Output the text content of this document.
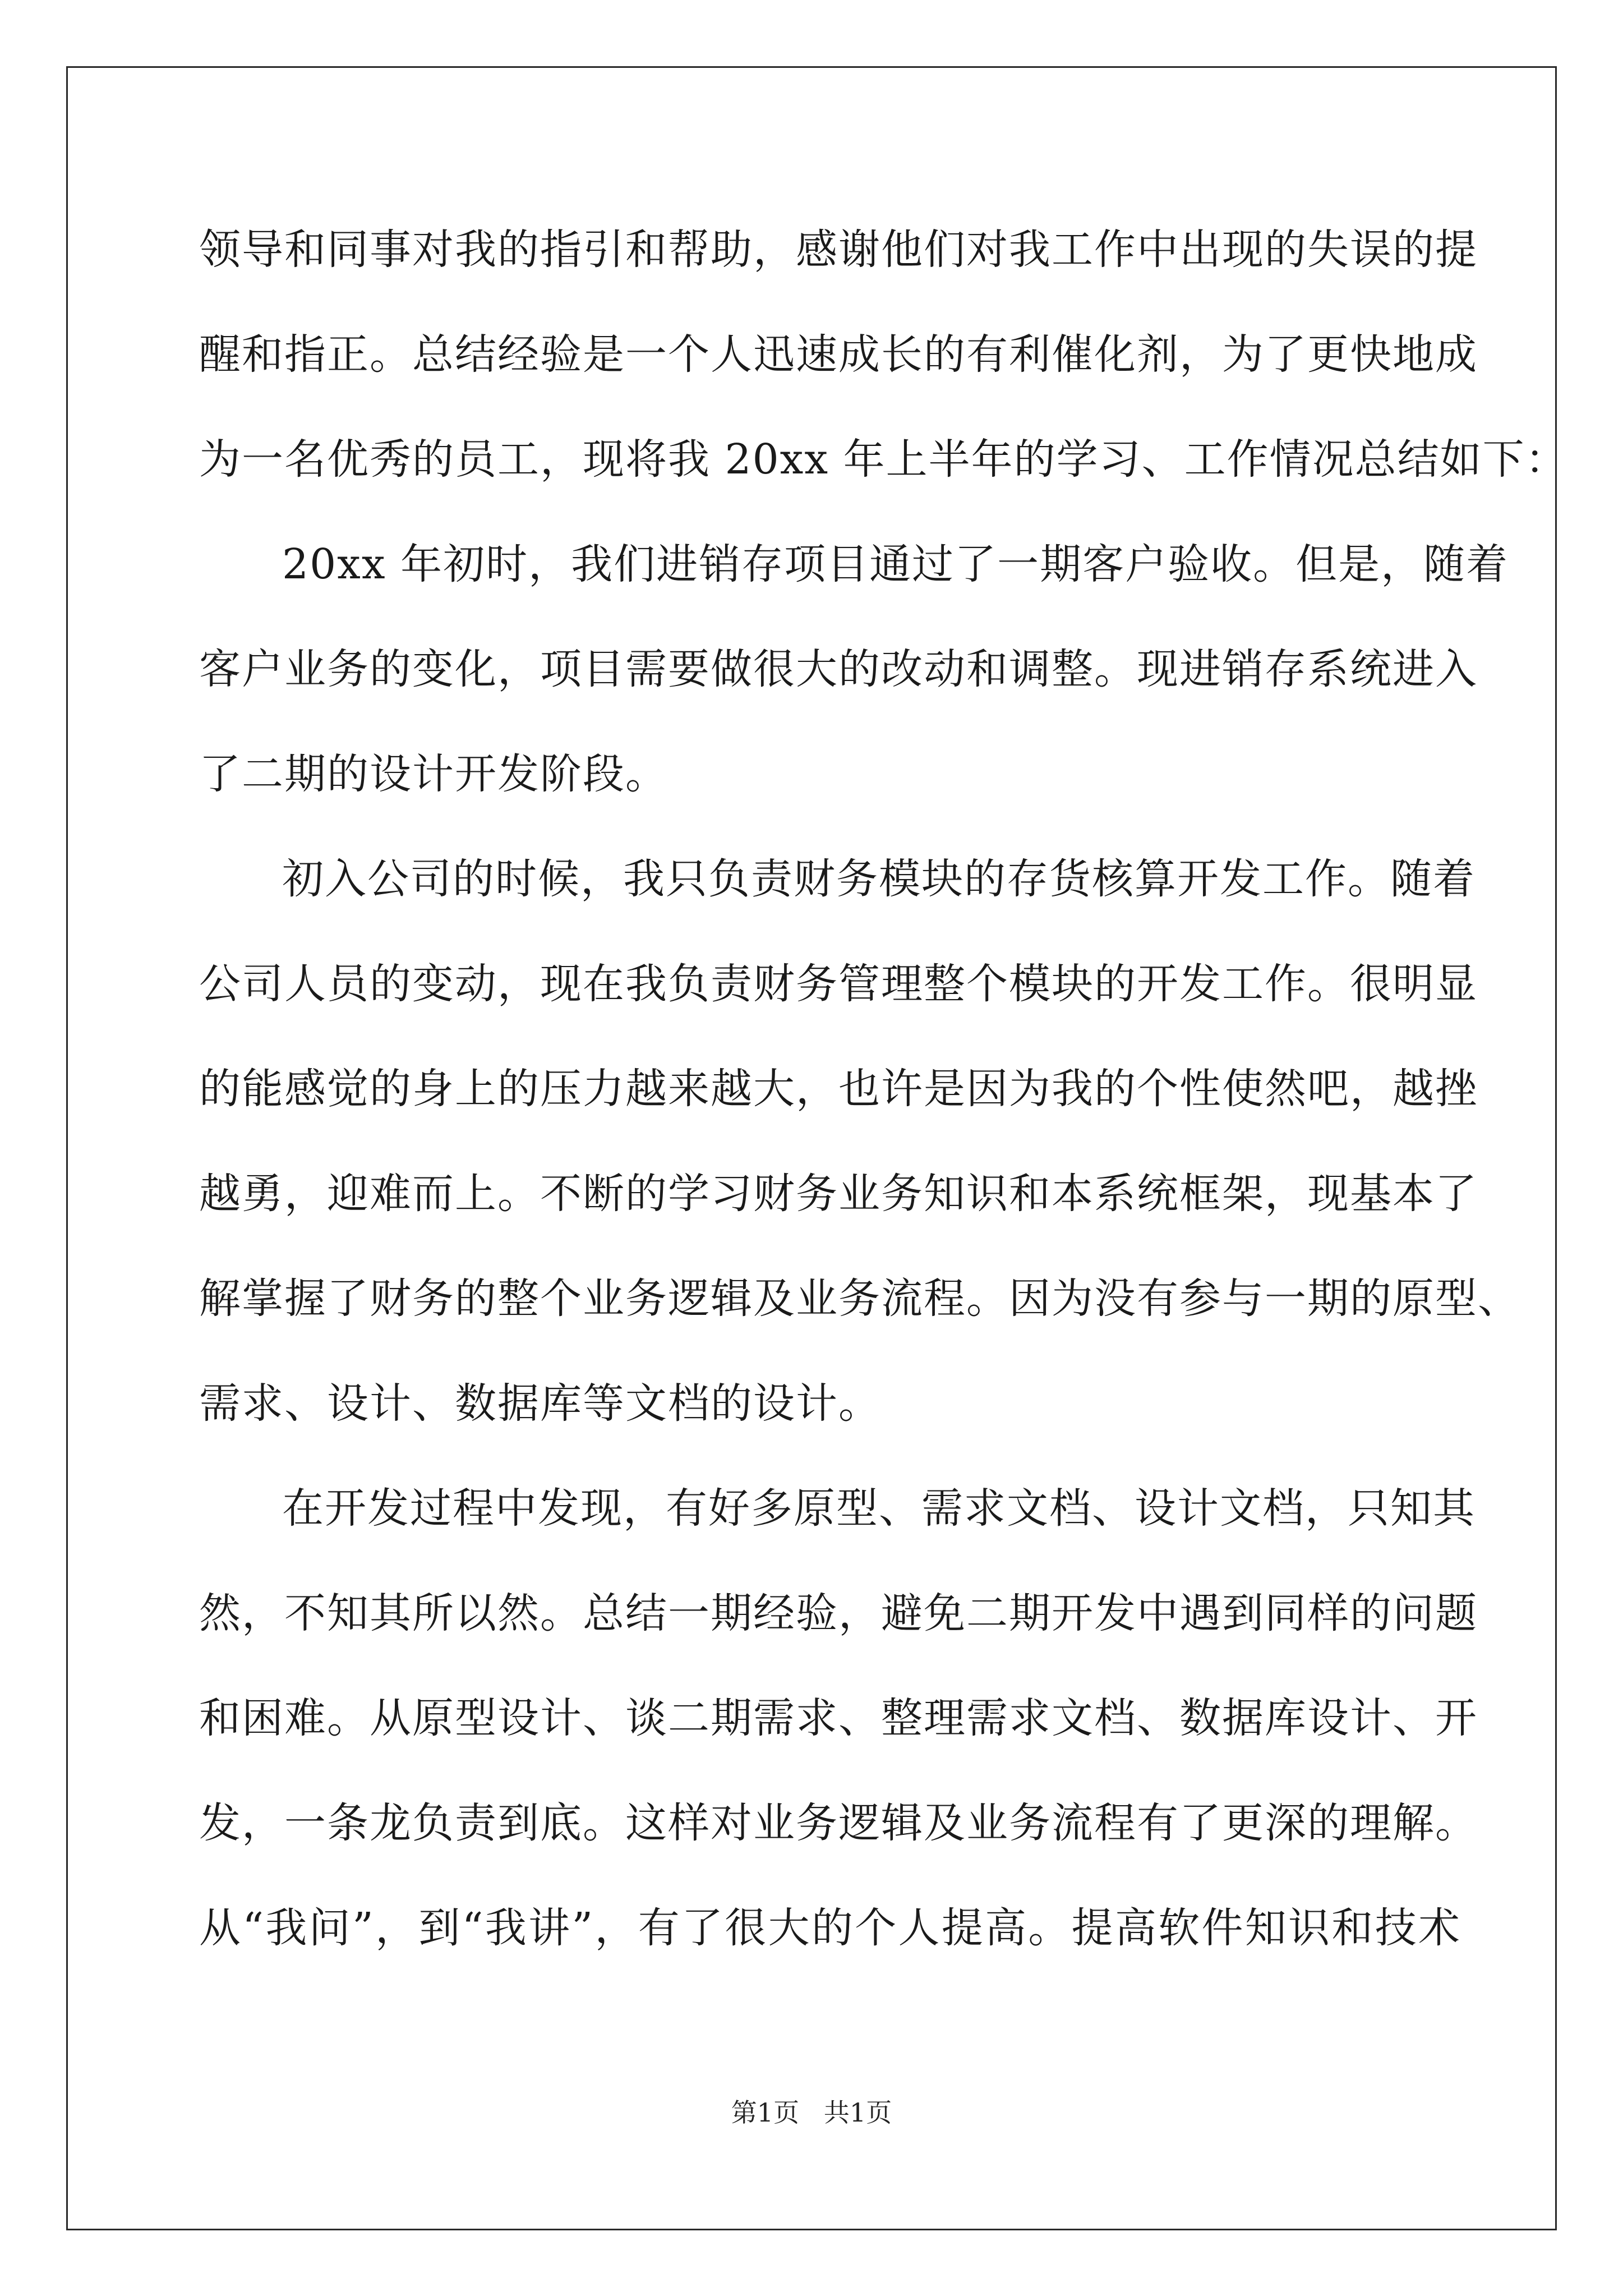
领导和同事对我的指引和帮助，感谢他们对我工作中出现的失误的提
醒和指正。总结经验是一个人迅速成长的有利催化剂，为了更快地成
为一名优秀的员工，现将我 20xx 年上半年的学习、工作情况总结如下：
20xx 年初时，我们进销存项目通过了一期客户验收。但是，随着
客户业务的变化，项目需要做很大的改动和调整。现进销存系统进入
了二期的设计开发阶段。
初入公司的时候，我只负责财务模块的存货核算开发工作。随着
公司人员的变动，现在我负责财务管理整个模块的开发工作。很明显
的能感觉的身上的压力越来越大，也许是因为我的个性使然吧，越挫
越勇，迎难而上。不断的学习财务业务知识和本系统框架，现基本了
解掌握了财务的整个业务逻辑及业务流程。因为没有参与一期的原型、
需求、设计、数据库等文档的设计。
在开发过程中发现，有好多原型、需求文档、设计文档，只知其
然，不知其所以然。总结一期经验，避免二期开发中遇到同样的问题
和困难。从原型设计、谈二期需求、整理需求文档、数据库设计、开
发，一条龙负责到底。这样对业务逻辑及业务流程有了更深的理解。
从“我问”，到“我讲”，有了很大的个人提高。提高软件知识和技术
第1页   共1页
